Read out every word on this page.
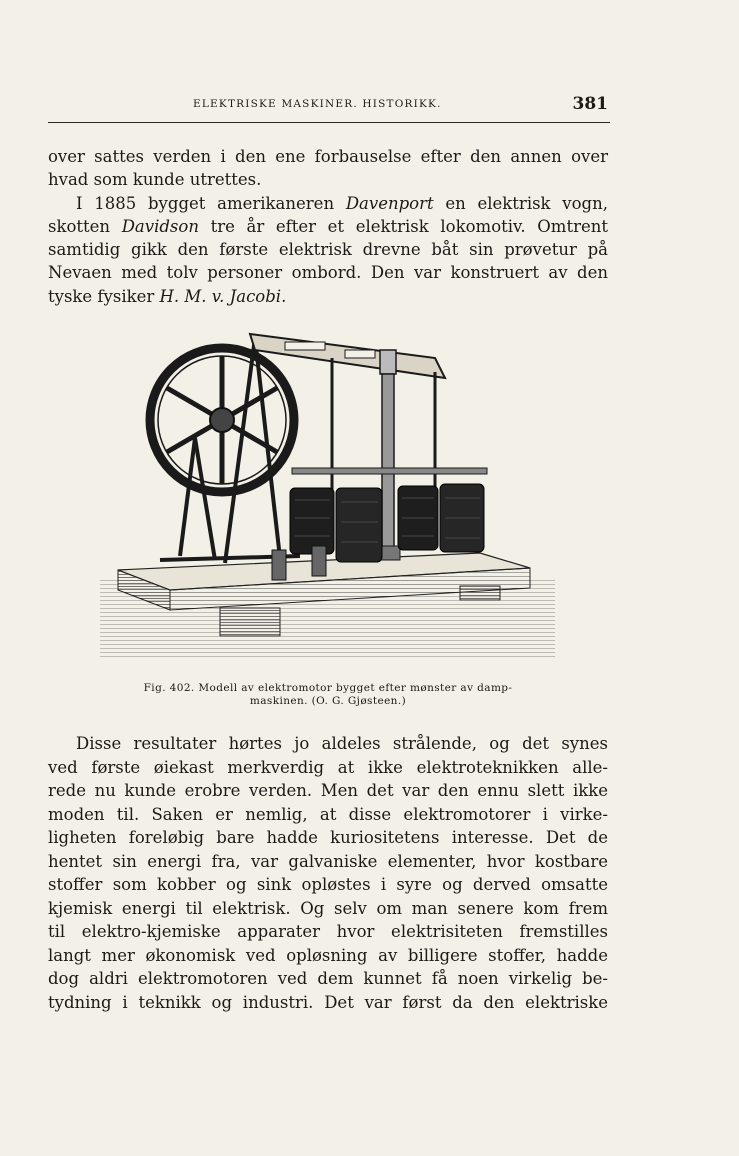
ELEKTRISKE MASKINER. HISTORIKK.	381
over sattes verden i den ene forbauselse efter den annen over
hvad som kunde utrettes.
I 1885 bygget amerikaneren Davenport en elektrisk vogn,
skotten Davidson tre år efter et elektrisk lokomotiv. Omtrent
samtidig gikk den første elektrisk drevne båt sin prøvetur på
Nevaen med tolv personer ombord. Den var konstruert av den
tyske fysiker H. M. v. Jacobi.
Fig. 402. Modell av elektromotor bygget efter mønster av damp-
maskinen. (O. G. Gjøsteen.)
Disse resultater hørtes jo aldeles strålende, og det synes
ved første øiekast merkverdig at ikke elektroteknikken alle-
rede nu kunde erobre verden. Men det var den ennu slett ikke
moden til. Saken er nemlig, at disse elektromotorer i virke-
ligheten foreløbig bare hadde kuriositetens interesse. Det de
hentet sin energi fra, var galvaniske elementer, hvor kostbare
stoffer som kobber og sink opløstes i syre og derved omsatte
kjemisk energi til elektrisk. Og selv om man senere kom frem
til elektro-kjemiske apparater hvor elektrisiteten fremstilles
langt mer økonomisk ved opløsning av billigere stoffer, hadde
dog aldri elektromotoren ved dem kunnet få noen virkelig be-
tydning i teknikk og industri. Det var først da den elektriske
